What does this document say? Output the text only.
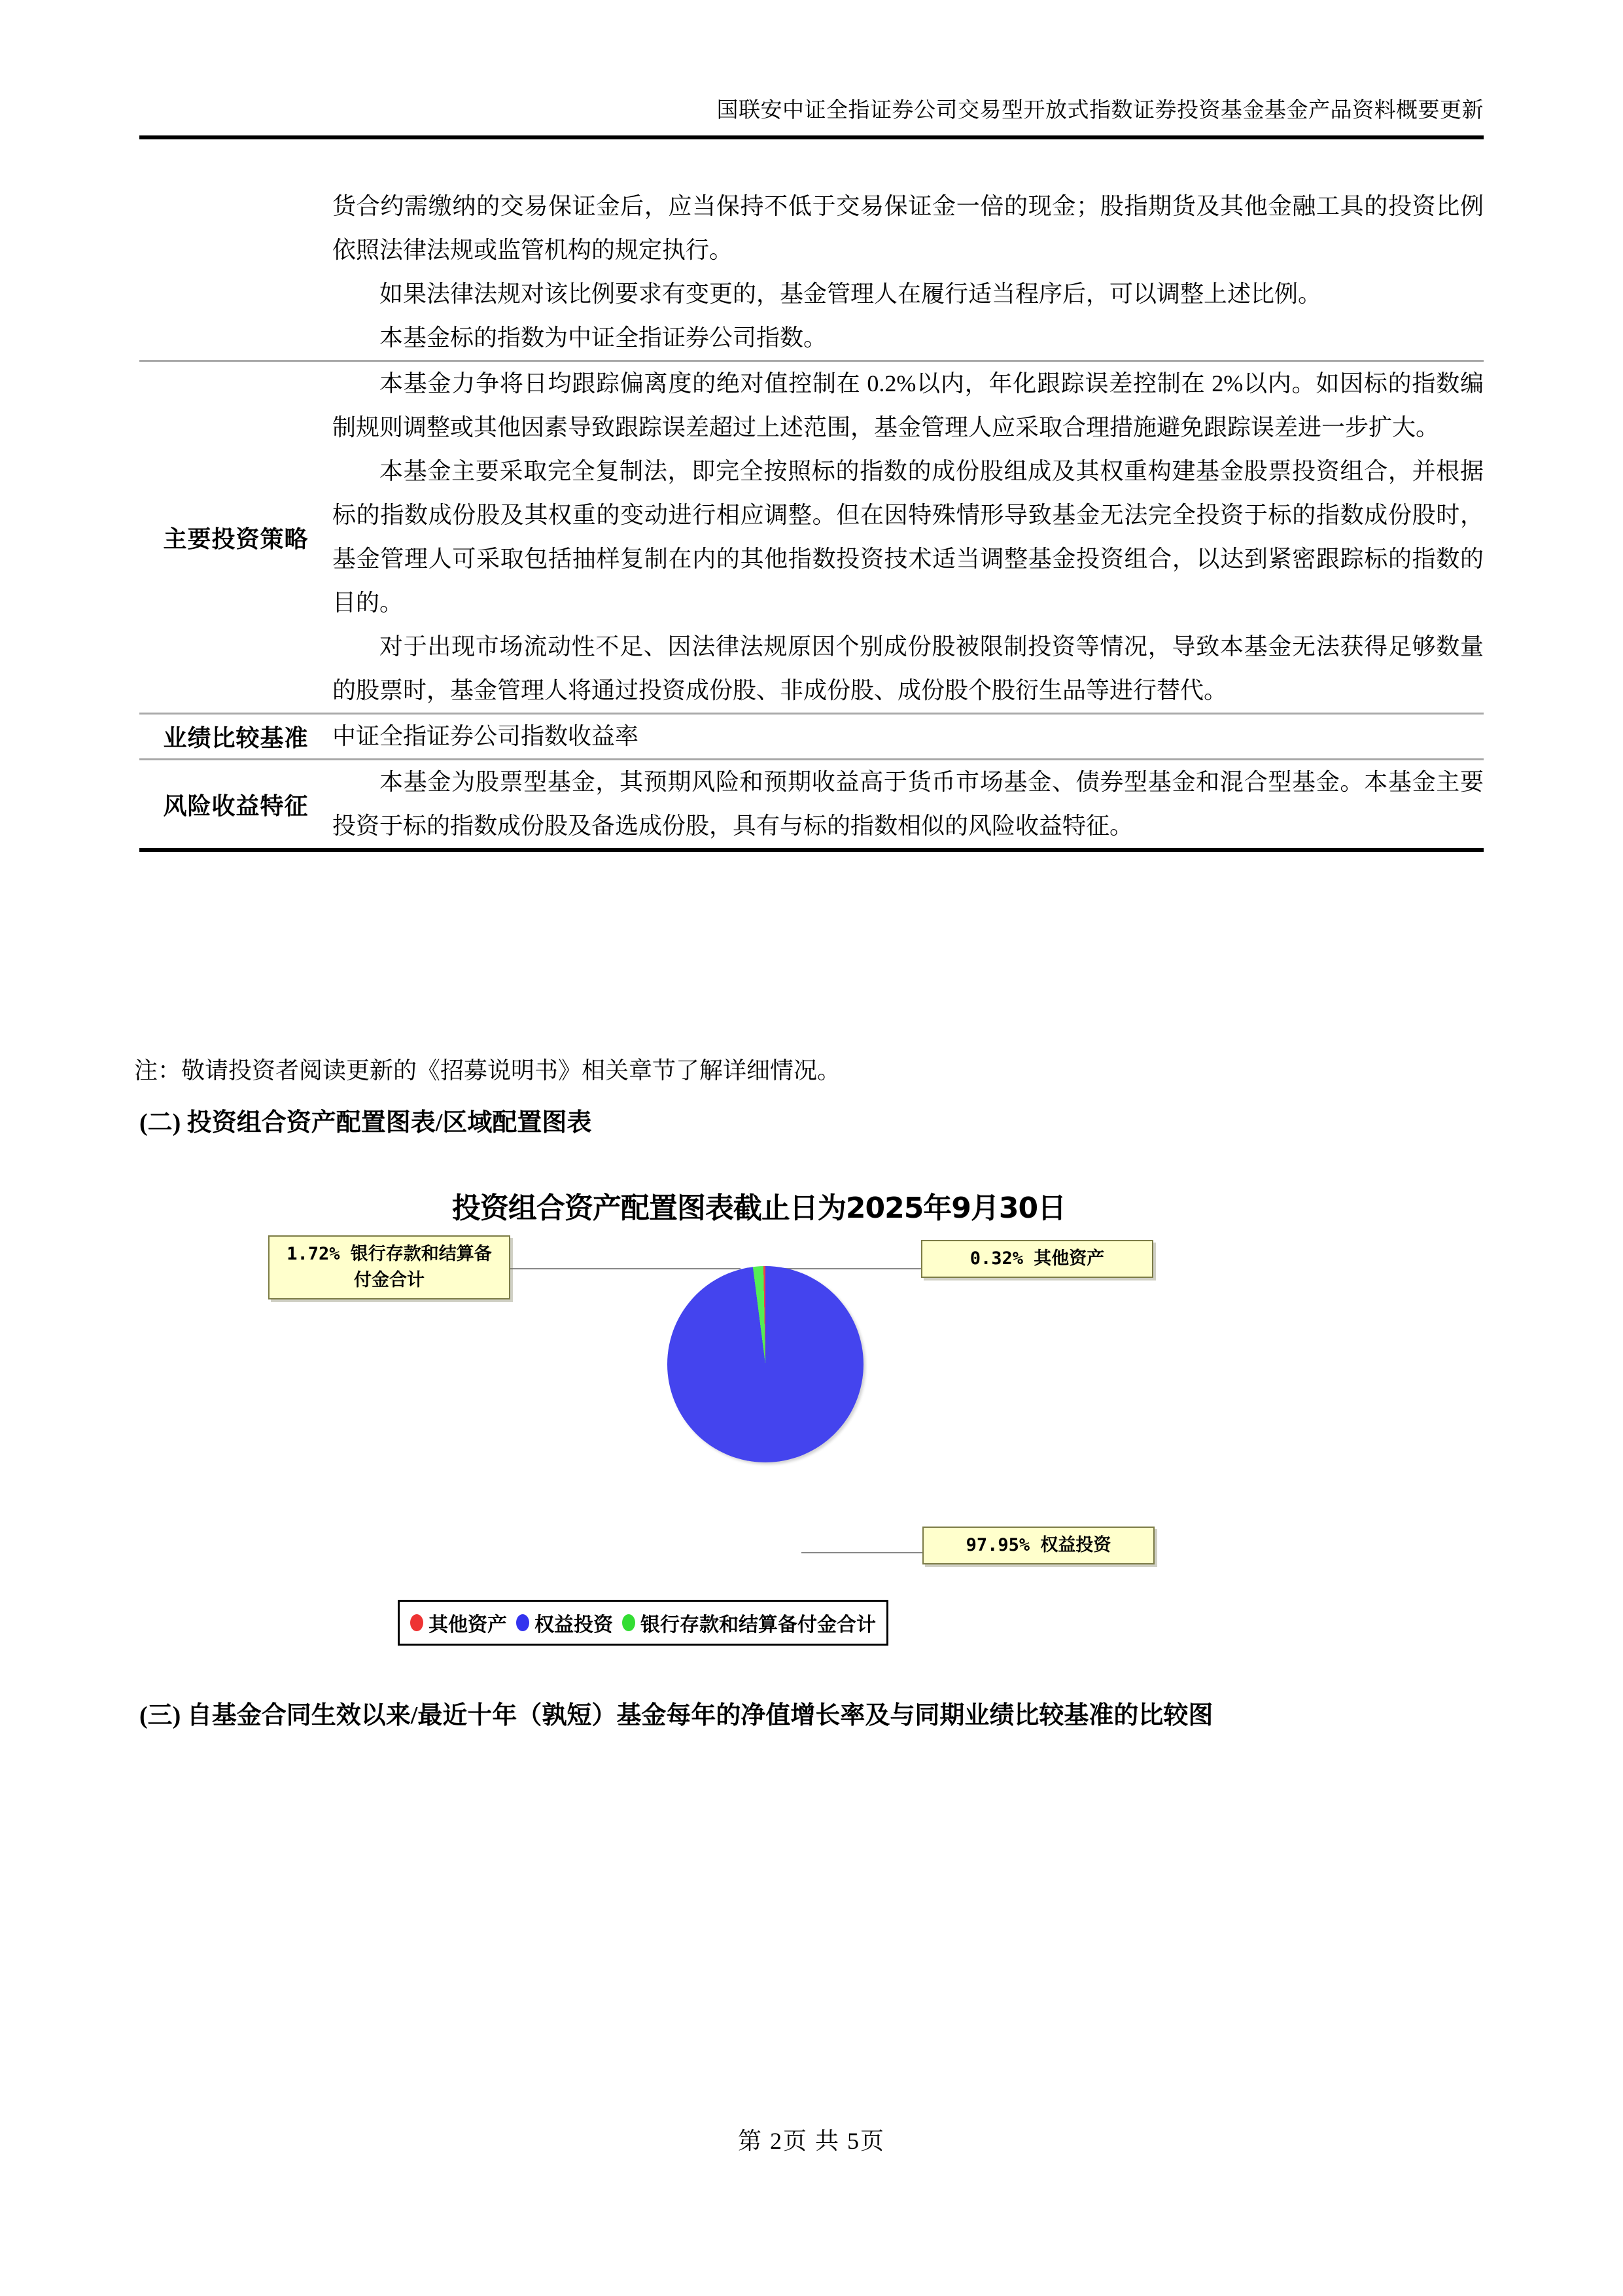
国联安中证全指证券公司交易型开放式指数证券投资基金基金产品资料概要更新

	货合约需缴纳的交易保证金后，应当保持不低于交易保证金一倍的现金；股指期货及其他金融工具的投资比例依照法律法规或监管机构的规定执行。

如果法律法规对该比例要求有变更的，基金管理人在履行适当程序后，可以调整上述比例。

本基金标的指数为中证全指证券公司指数。

主要投资策略	本基金力争将日均跟踪偏离度的绝对值控制在 0.2%以内，年化跟踪误差控制在 2%以内。如因标的指数编制规则调整或其他因素导致跟踪误差超过上述范围，基金管理人应采取合理措施避免跟踪误差进一步扩大。

本基金主要采取完全复制法，即完全按照标的指数的成份股组成及其权重构建基金股票投资组合，并根据标的指数成份股及其权重的变动进行相应调整。但在因特殊情形导致基金无法完全投资于标的指数成份股时，基金管理人可采取包括抽样复制在内的其他指数投资技术适当调整基金投资组合，以达到紧密跟踪标的指数的目的。

对于出现市场流动性不足、因法律法规原因个别成份股被限制投资等情况，导致本基金无法获得足够数量的股票时，基金管理人将通过投资成份股、非成份股、成份股个股衍生品等进行替代。

业绩比较基准	中证全指证券公司指数收益率

风险收益特征	本基金为股票型基金，其预期风险和预期收益高于货币市场基金、债券型基金和混合型基金。本基金主要投资于标的指数成份股及备选成份股，具有与标的指数相似的风险收益特征。

注：敬请投资者阅读更新的《招募说明书》相关章节了解详细情况。
(二) 投资组合资产配置图表/区域配置图表
投资组合资产配置图表截止日为2025年9月30日
1.72% 银行存款和结算备
付金合计
0.32% 其他资产
97.95% 权益投资
其他资产 权益投资 银行存款和结算备付金合计
(三) 自基金合同生效以来/最近十年（孰短）基金每年的净值增长率及与同期业绩比较基准的比较图
第 2页 共 5页
